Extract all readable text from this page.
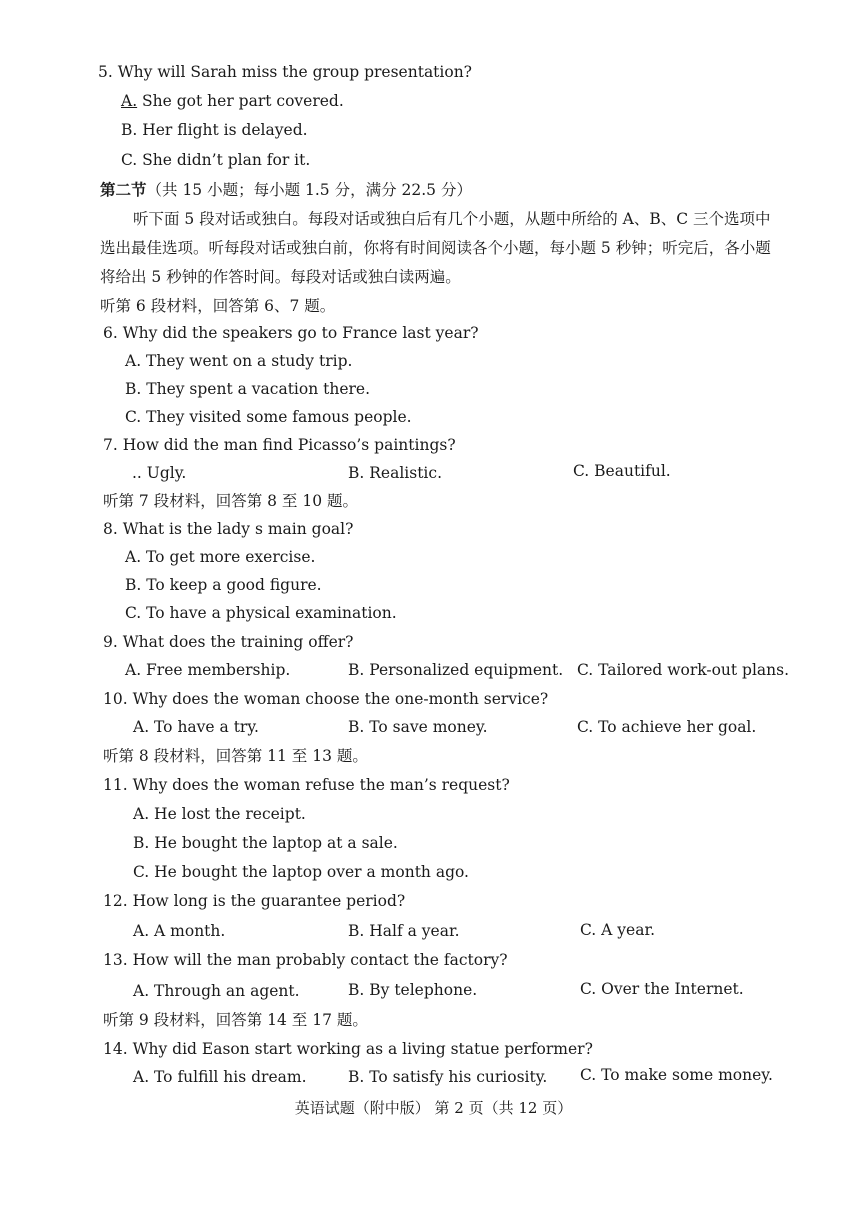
5. Why will Sarah miss the group presentation?
A. She got her part covered.
B. Her flight is delayed.
C. She didn’t plan for it.
第二节（共 15 小题；每小题 1.5 分，满分 22.5 分）
听下面 5 段对话或独白。每段对话或独白后有几个小题，从题中所给的 A、B、C 三个选项中
选出最佳选项。听每段对话或独白前，你将有时间阅读各个小题，每小题 5 秒钟；听完后，各小题
将给出 5 秒钟的作答时间。每段对话或独白读两遍。
听第 6 段材料，回答第 6、7 题。
6. Why did the speakers go to France last year?
A. They went on a study trip.
B. They spent a vacation there.
C. They visited some famous people.
7. How did the man find Picasso’s paintings?
.. Ugly.	B. Realistic.	C. Beautiful.
听第 7 段材料，回答第 8 至 10 题。
8. What is the lady s main goal?
A. To get more exercise.
B. To keep a good figure.
C. To have a physical examination.
9. What does the training offer?
A. Free membership.	B. Personalized equipment. C. Tailored work-out plans.
10. Why does the woman choose the one-month service?
A. To have a try.	B. To save money.	C. To achieve her goal.
听第 8 段材料，回答第 11 至 13 题。
11. Why does the woman refuse the man’s request?
A. He lost the receipt.
B. He bought the laptop at a sale.
C. He bought the laptop over a month ago.
12. How long is the guarantee period?
A. A month.	B. Half a year.	C. A year.
13. How will the man probably contact the factory?
A. Through an agent.	B. By telephone.	C. Over the Internet.
听第 9 段材料，回答第 14 至 17 题。
14. Why did Eason start working as a living statue performer?
A. To fulfill his dream.	B. To satisfy his curiosity. C. To make some money.
英语试题（附中版） 第 2 页（共 12 页）
